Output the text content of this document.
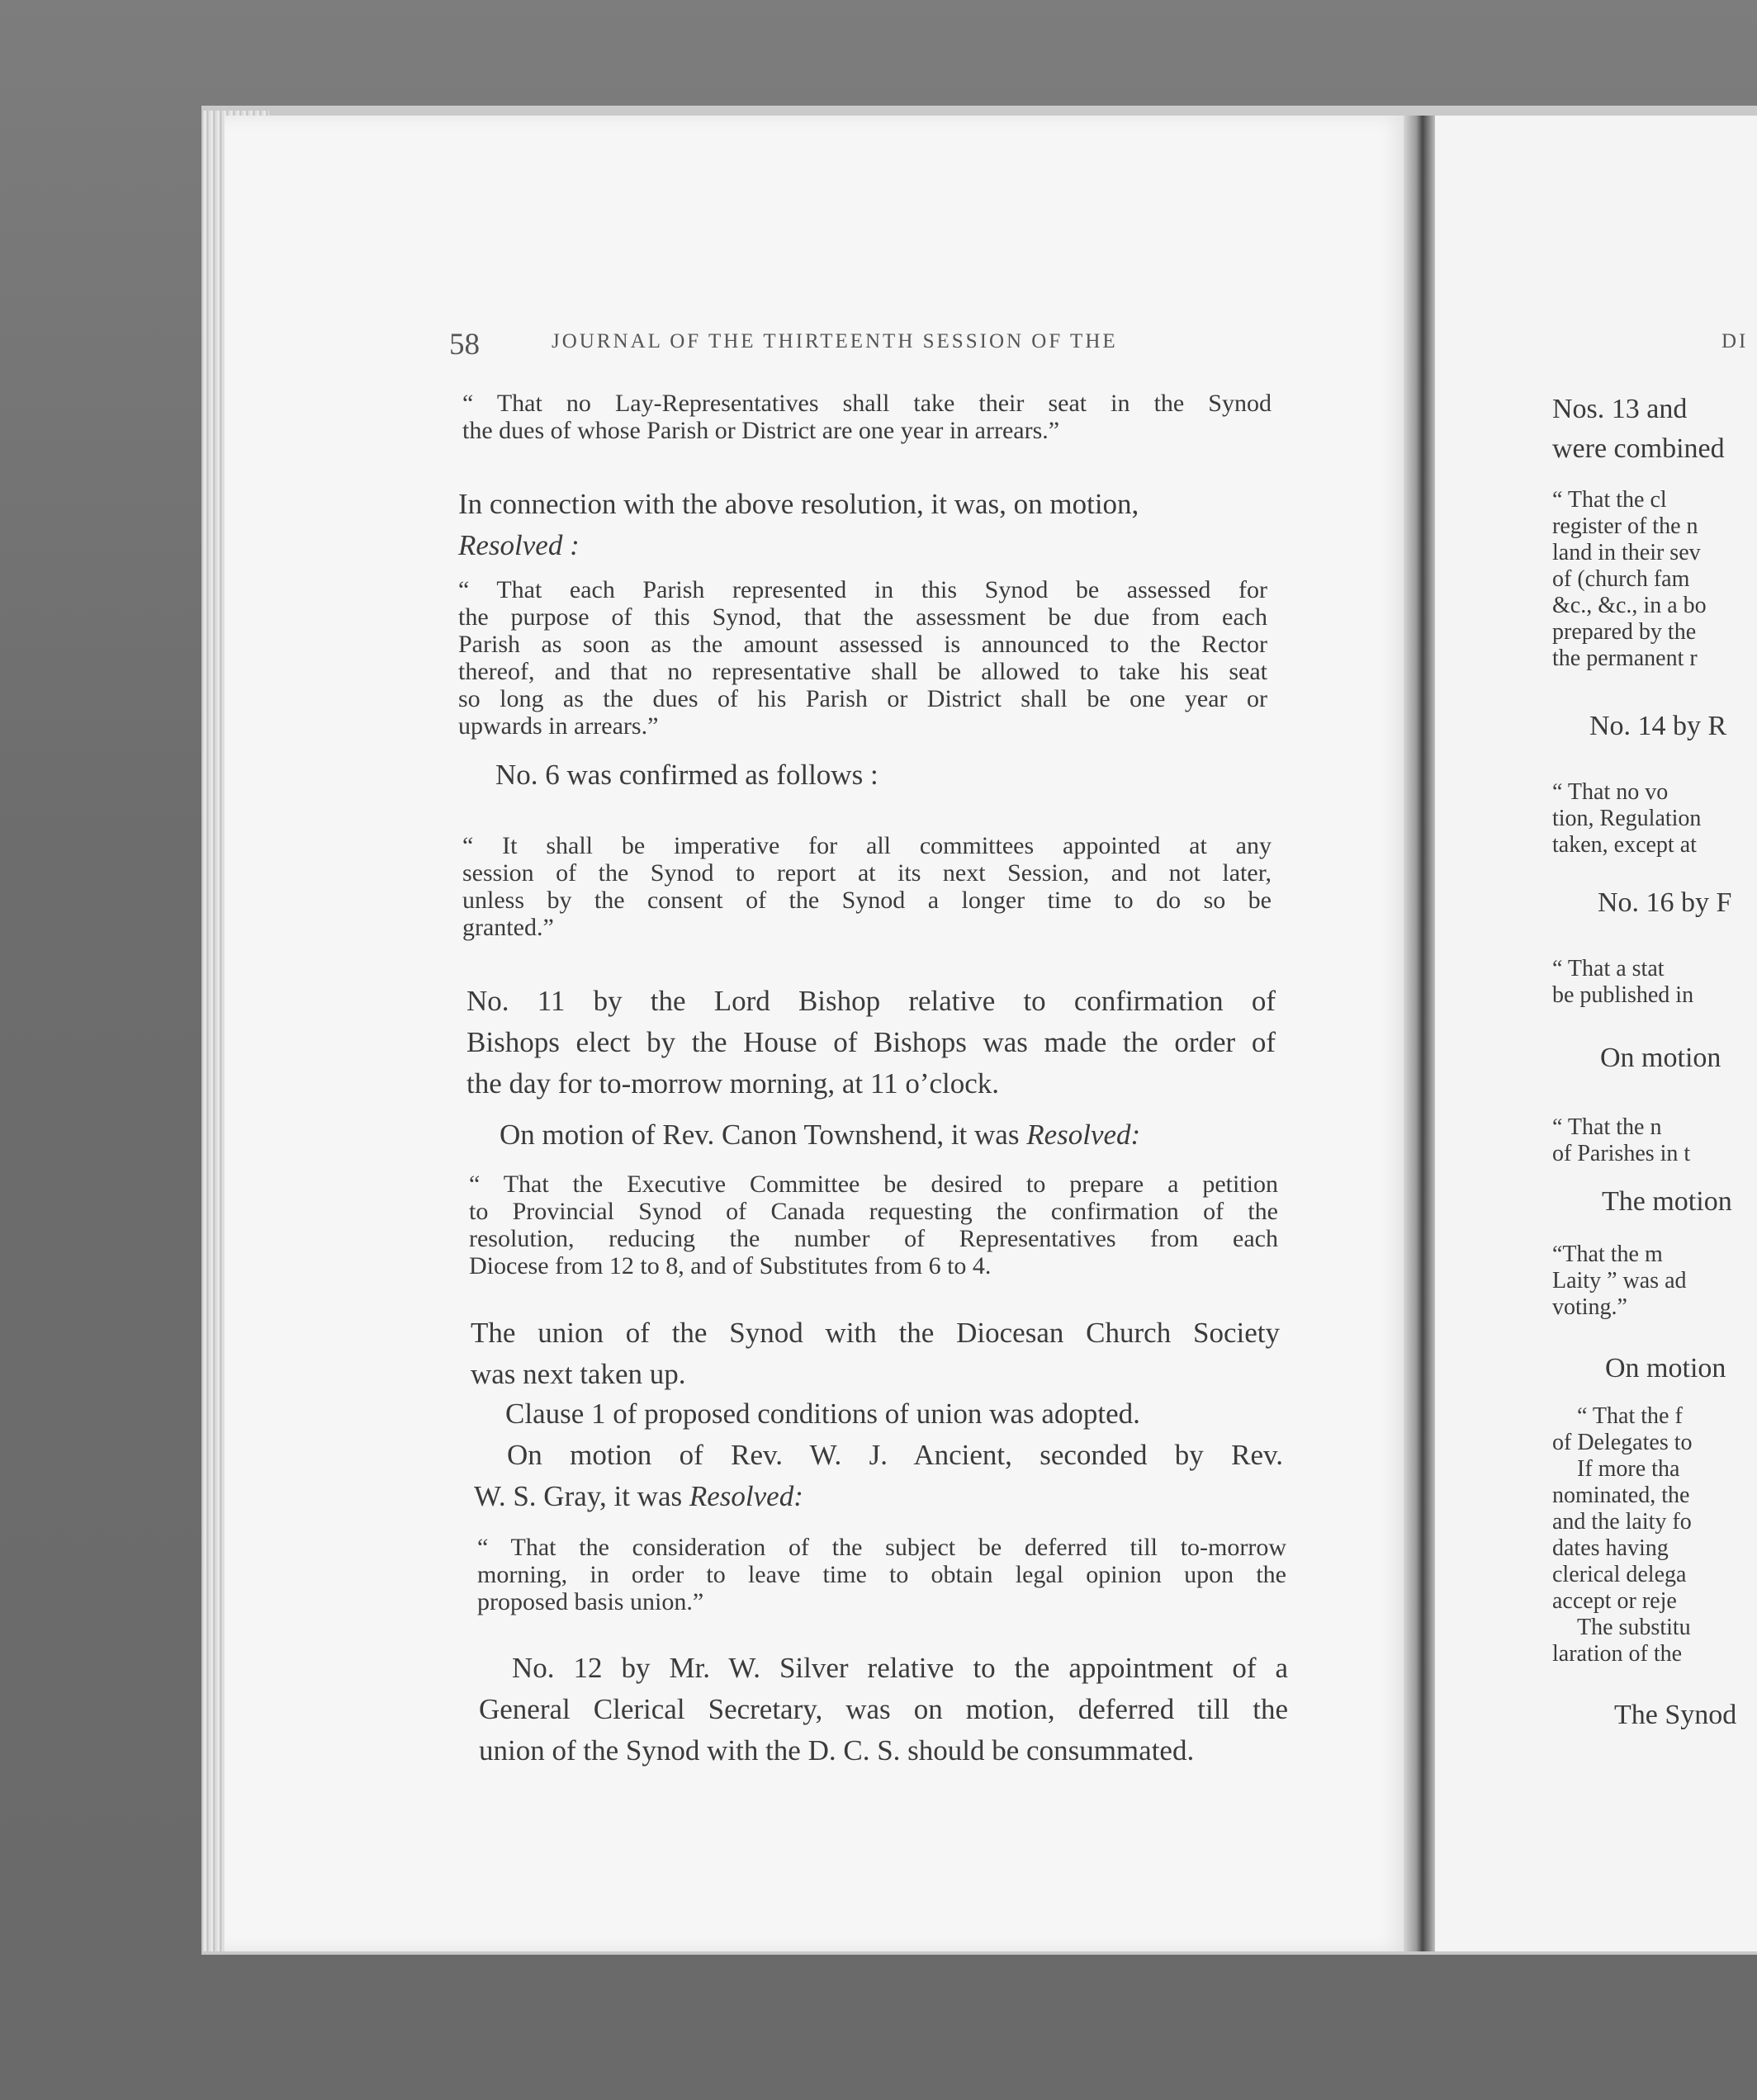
58	JOURNAL OF THE THIRTEENTH SESSION OF THE	DI
“ That no Lay-Representatives shall take their seat in the Synod
the dues of whose Parish or District are one year in arrears.”
In connection with the above resolution, it was, on motion,
Resolved :
“ That each Parish represented in this Synod be assessed for
the purpose of this Synod, that the assessment be due from each
Parish as soon as the amount assessed is announced to the Rector
thereof, and that no representative shall be allowed to take his seat
so long as the dues of his Parish or District shall be one year or
upwards in arrears.”
No. 6 was confirmed as follows :
“ It shall be imperative for all committees appointed at any
session of the Synod to report at its next Session, and not later,
unless by the consent of the Synod a longer time to do so be
granted.”
No. 11 by the Lord Bishop relative to confirmation of
Bishops elect by the House of Bishops was made the order of
the day for to-morrow morning, at 11 o’clock.
On motion of Rev. Canon Townshend, it was Resolved:
“ That the Executive Committee be desired to prepare a petition
to Provincial Synod of Canada requesting the confirmation of the
resolution, reducing the number of Representatives from each
Diocese from 12 to 8, and of Substitutes from 6 to 4.
The union of the Synod with the Diocesan Church Society
was next taken up.
Clause 1 of proposed conditions of union was adopted.
On motion of Rev. W. J. Ancient, seconded by Rev.
W. S. Gray, it was Resolved:
“ That the consideration of the subject be deferred till to-morrow
morning, in order to leave time to obtain legal opinion upon the
proposed basis union.”
No. 12 by Mr. W. Silver relative to the appointment of a
General Clerical Secretary, was on motion, deferred till the
union of the Synod with the D. C. S. should be consummated.
Nos. 13 and
were combined
“ That the cl
register of the n
land in their sev
of (church fam
&c., &c., in a bo
prepared by the
the permanent r
No. 14 by R
“ That no vo
tion, Regulation
taken, except at
No. 16 by F
“ That a stat
be published in
On motion
“ That the n
of Parishes in t
The motion
“That the m
Laity ” was ad
voting.”
On motion
“ That the f
of Delegates to
If more tha
nominated, the
and the laity fo
dates having
clerical delega
accept or reje
The substitu
laration of the
The Synod
